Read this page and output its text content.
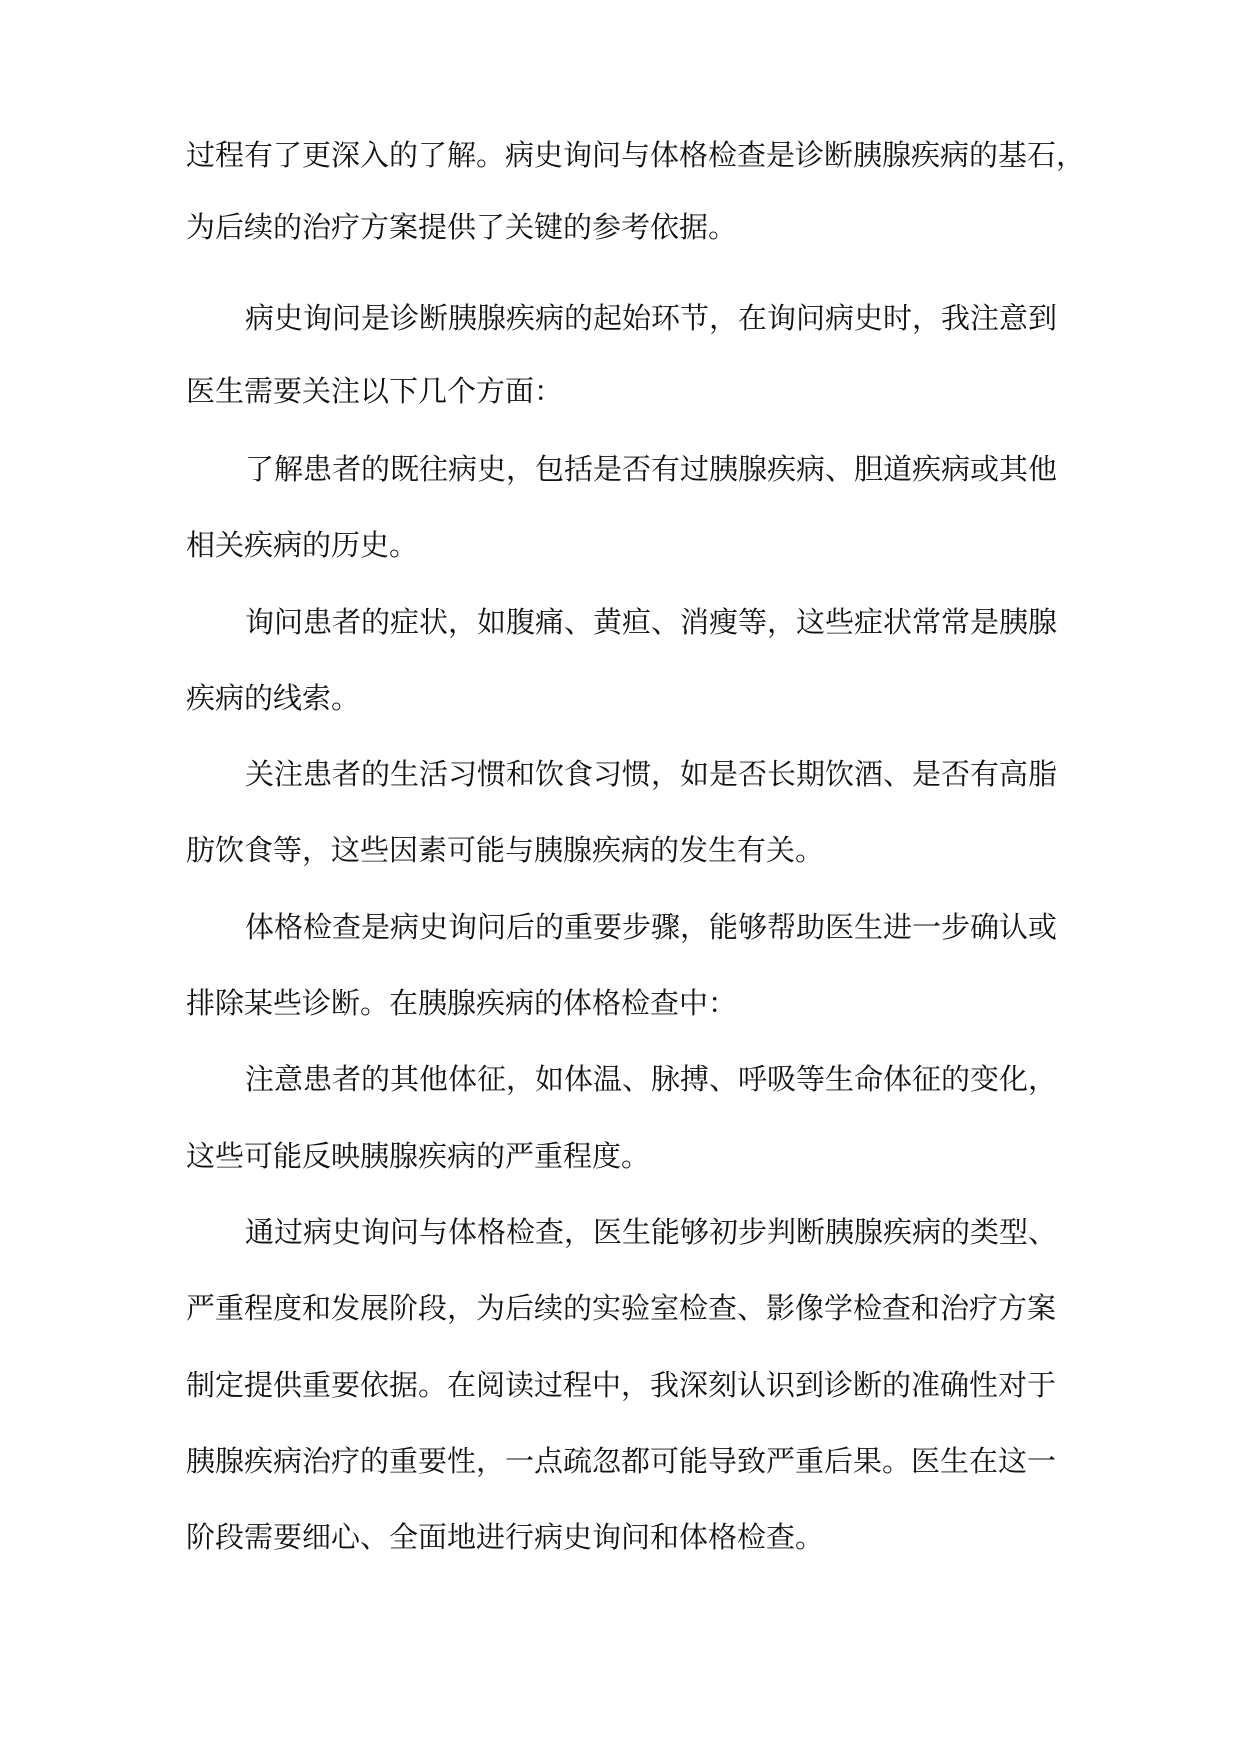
过程有了更深入的了解。病史询问与体格检查是诊断胰腺疾病的基石，
为后续的治疗方案提供了关键的参考依据。
病史询问是诊断胰腺疾病的起始环节，在询问病史时，我注意到
医生需要关注以下几个方面：
了解患者的既往病史，包括是否有过胰腺疾病、胆道疾病或其他
相关疾病的历史。
询问患者的症状，如腹痛、黄疸、消瘦等，这些症状常常是胰腺
疾病的线索。
关注患者的生活习惯和饮食习惯，如是否长期饮酒、是否有高脂
肪饮食等，这些因素可能与胰腺疾病的发生有关。
体格检查是病史询问后的重要步骤，能够帮助医生进一步确认或
排除某些诊断。在胰腺疾病的体格检查中：
注意患者的其他体征，如体温、脉搏、呼吸等生命体征的变化，
这些可能反映胰腺疾病的严重程度。
通过病史询问与体格检查，医生能够初步判断胰腺疾病的类型、
严重程度和发展阶段，为后续的实验室检查、影像学检查和治疗方案
制定提供重要依据。在阅读过程中，我深刻认识到诊断的准确性对于
胰腺疾病治疗的重要性，一点疏忽都可能导致严重后果。医生在这一
阶段需要细心、全面地进行病史询问和体格检查。
